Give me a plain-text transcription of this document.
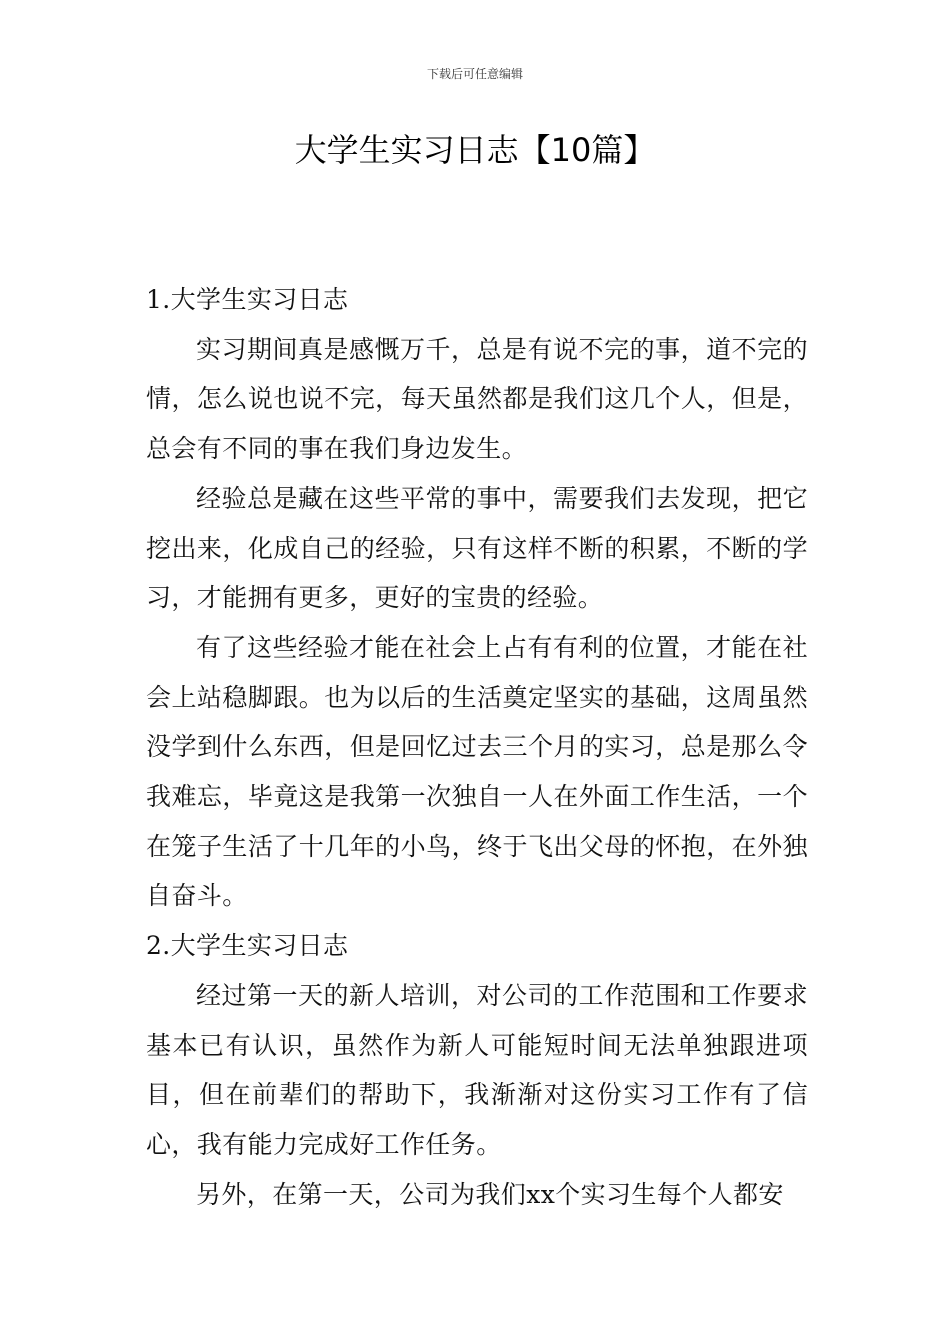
下载后可任意编辑
大学生实习日志【10篇】
1.大学生实习日志

实习期间真是感慨万千，总是有说不完的事，道不完的情，怎么说也说不完，每天虽然都是我们这几个人，但是，总会有不同的事在我们身边发生。

经验总是藏在这些平常的事中，需要我们去发现，把它挖出来，化成自己的经验，只有这样不断的积累，不断的学习，才能拥有更多，更好的宝贵的经验。

有了这些经验才能在社会上占有有利的位置，才能在社会上站稳脚跟。也为以后的生活奠定坚实的基础，这周虽然没学到什么东西，但是回忆过去三个月的实习，总是那么令我难忘，毕竟这是我第一次独自一人在外面工作生活，一个在笼子生活了十几年的小鸟，终于飞出父母的怀抱，在外独自奋斗。

2.大学生实习日志

经过第一天的新人培训，对公司的工作范围和工作要求基本已有认识，虽然作为新人可能短时间无法单独跟进项目，但在前辈们的帮助下，我渐渐对这份实习工作有了信心，我有能力完成好工作任务。

另外，在第一天，公司为我们xx个实习生每个人都安
